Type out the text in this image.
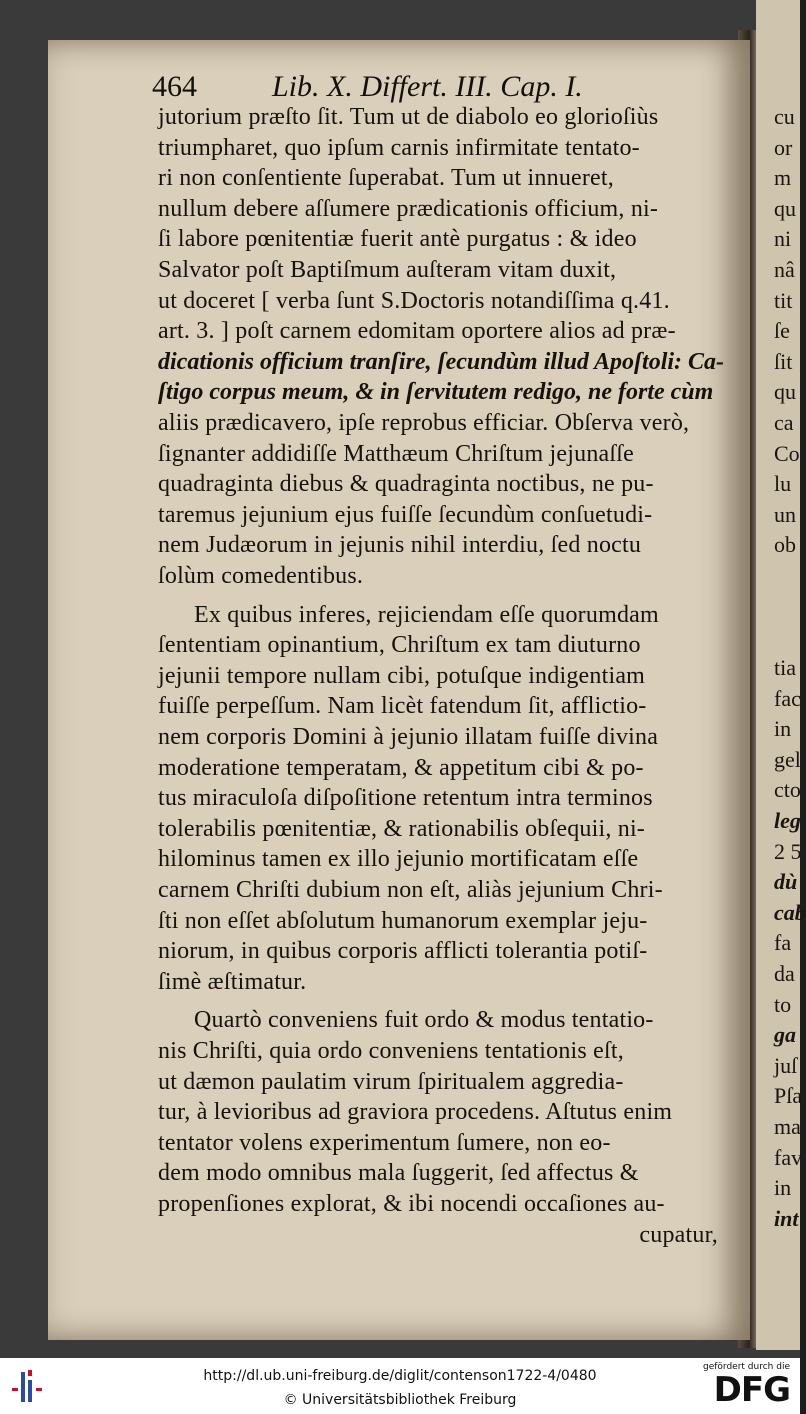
cu
or
m
qu
ni
nâ
tit
ſe
ſit
qu
ca
Co
lu
un
ob
tia
fac
in
gel
cto
leg
2 5
dù
cab
fa
da
to
ga
juſ
Pſa
ma
fav
in
int
464	Lib. X. Differt. III. Cap. I.
jutorium præſto ſit. Tum ut de diabolo eo glorioſiùs
triumpharet, quo ipſum carnis infirmitate tentato-
ri non conſentiente ſuperabat. Tum ut innueret,
nullum debere aſſumere prædicationis officium, ni-
ſi labore pœnitentiæ fuerit antè purgatus : & ideo
Salvator poſt Baptiſmum auſteram vitam duxit,
ut doceret [ verba ſunt S.Doctoris notandiſſima q.41.
art. 3. ] poſt carnem edomitam oportere alios ad præ-
dicationis officium tranſire, ſecundùm illud Apoſtoli: Ca-
ſtigo corpus meum, & in ſervitutem redigo, ne forte cùm
aliis prædicavero, ipſe reprobus efficiar. Obſerva verò,
ſignanter addidiſſe Matthæum Chriſtum jejunaſſe
quadraginta diebus & quadraginta noctibus, ne pu-
taremus jejunium ejus fuiſſe ſecundùm conſuetudi-
nem Judæorum in jejunis nihil interdiu, ſed noctu
ſolùm comedentibus.
Ex quibus inferes, rejiciendam eſſe quorumdam
ſententiam opinantium, Chriſtum ex tam diuturno
jejunii tempore nullam cibi, potuſque indigentiam
fuiſſe perpeſſum. Nam licèt fatendum ſit, afflictio-
nem corporis Domini à jejunio illatam fuiſſe divina
moderatione temperatam, & appetitum cibi & po-
tus miraculoſa diſpoſitione retentum intra terminos
tolerabilis pœnitentiæ, & rationabilis obſequii, ni-
hilominus tamen ex illo jejunio mortificatam eſſe
carnem Chriſti dubium non eſt, aliàs jejunium Chri-
ſti non eſſet abſolutum humanorum exemplar jeju-
niorum, in quibus corporis afflicti tolerantia potiſ-
ſimè æſtimatur.
Quartò conveniens fuit ordo & modus tentatio-
nis Chriſti, quia ordo conveniens tentationis eſt,
ut dæmon paulatim virum ſpiritualem aggredia-
tur, à levioribus ad graviora procedens. Aſtutus enim
tentator volens experimentum ſumere, non eo-
dem modo omnibus mala ſuggerit, ſed affectus &
propenſiones explorat, & ibi nocendi occaſiones au-
cupatur,
http://dl.ub.uni-freiburg.de/diglit/contenson1722-4/0480
© Universitätsbibliothek Freiburg
gefördert durch die
DFG
